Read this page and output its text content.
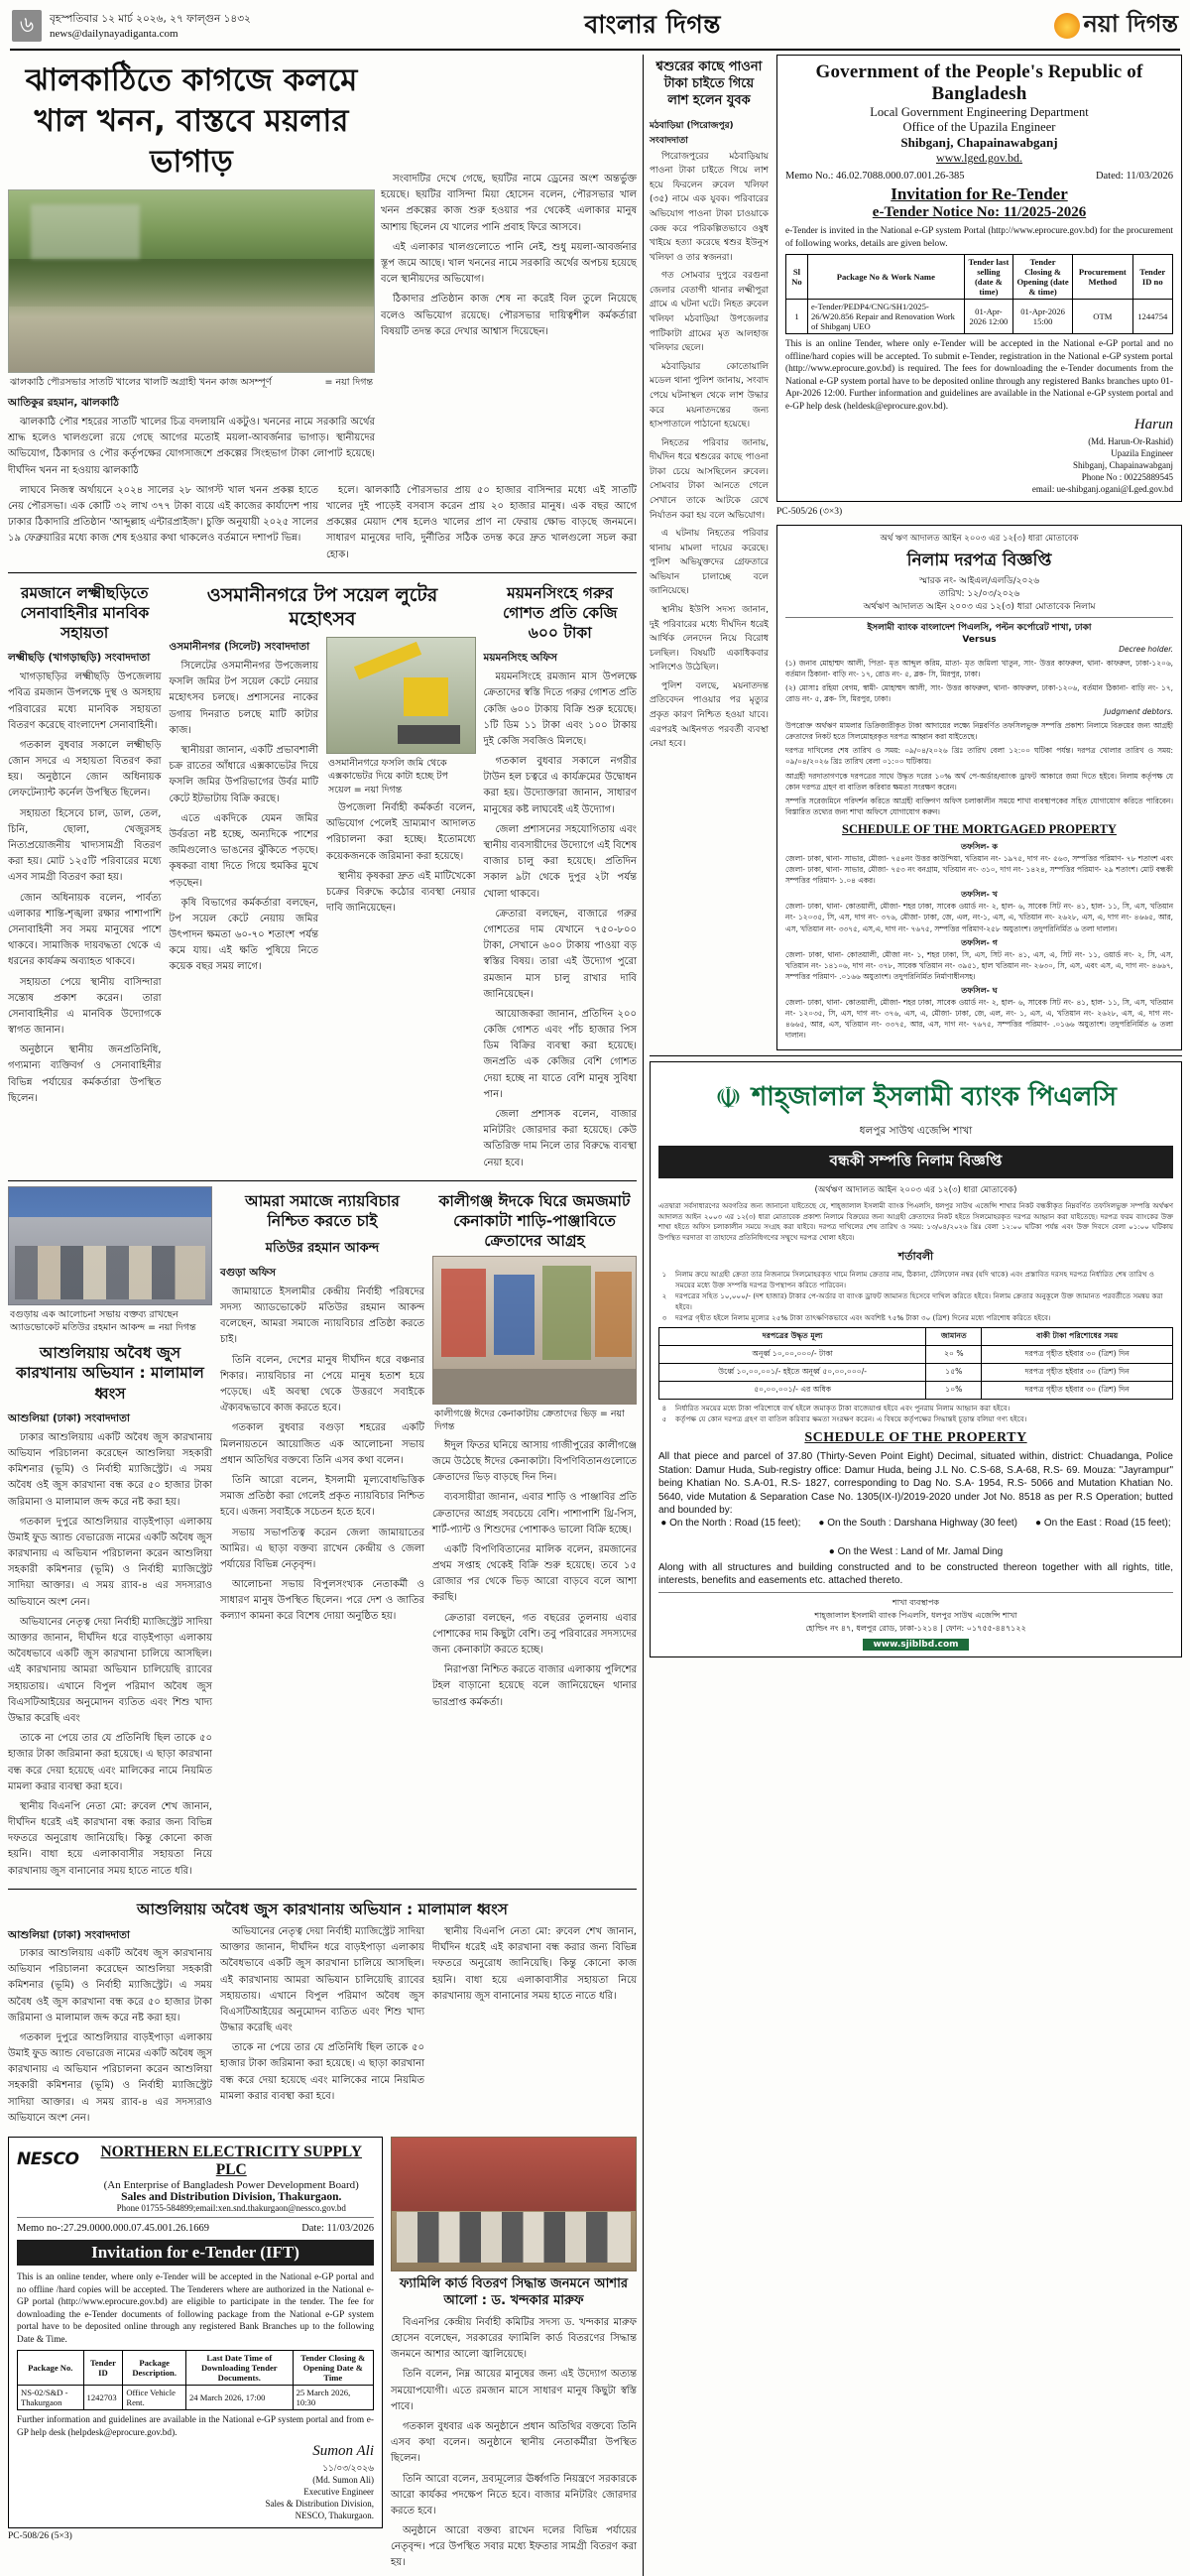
৬	বৃহস্পতিবার ১২ মার্চ ২০২৬, ২৭ ফাল্গুন ১৪৩২
news@dailynayadiganta.com	বাংলার দিগন্ত	নয়া দিগন্ত
ঝালকাঠিতে কাগজে কলমে খাল খনন, বাস্তবে ময়লার ভাগাড়
= নয়া দিগন্ত
ঝালকাঠি পৌরসভার সাতটি খালের খালটি অগ্রাহী খনন কাজ অসম্পূর্ণ
আতিকুর রহমান, ঝালকাঠি

ঝালকাঠি পৌর শহরের সাতটি খালের চিত্র বদলায়নি একটুও। খননের নামে সরকারি অর্থের শ্রাদ্ধ হলেও খালগুলো রয়ে গেছে আগের মতোই ময়লা-আবর্জনার ভাগাড়। স্থানীয়দের অভিযোগ, ঠিকাদার ও পৌর কর্তৃপক্ষের যোগসাজশে প্রকল্পের সিংহভাগ টাকা লোপাট হয়েছে। দীর্ঘদিন খনন না হওয়ায় ঝালকাঠি

সংবাদটির দেখে গেছে, ছয়টির নামে ড্রেনের অংশ অন্তর্ভুক্ত হয়েছে। ছয়টির বাসিন্দা মিয়া হোসেন বলেন, পৌরসভার খাল খনন প্রকল্পের কাজ শুরু হওয়ার পর থেকেই এলাকার মানুষ আশায় ছিলেন যে খালের পানি প্রবাহ ফিরে আসবে।

এই এলাকার খালগুলোতে পানি নেই, শুধু ময়লা-আবর্জনার স্তূপ জমে আছে। খাল খননের নামে সরকারি অর্থের অপচয় হয়েছে বলে স্থানীয়দের অভিযোগ।

ঠিকাদার প্রতিষ্ঠান কাজ শেষ না করেই বিল তুলে নিয়েছে বলেও অভিযোগ রয়েছে। পৌরসভার দায়িত্বশীল কর্মকর্তারা বিষয়টি তদন্ত করে দেখার আশ্বাস দিয়েছেন।

লাঘবে নিজস্ব অর্থায়নে ২০২৪ সালের ২৮ আগস্ট খাল খনন প্রকল্প হাতে নেয় পৌরসভা। এক কোটি ৩২ লাখ ৩৭৭ টাকা ব্যয়ে এই কাজের কার্যাদেশ পায় ঢাকার ঠিকাদারি প্রতিষ্ঠান 'আব্দুল্লাহ এন্টারপ্রাইজ'। চুক্তি অনুযায়ী ২০২৫ সালের ১৯ ফেব্রুয়ারির মধ্যে কাজ শেষ হওয়ার কথা থাকলেও বর্তমানে দশাপট ভিন্ন।

হলে। ঝালকাঠি পৌরসভার প্রায় ৫০ হাজার বাসিন্দার মধ্যে এই সাতটি খালের দুই পাড়েই বসবাস করেন প্রায় ২০ হাজার মানুষ। এক বছর আগে প্রকল্পের মেয়াদ শেষ হলেও খালের প্রাণ না ফেরায় ক্ষোভ বাড়ছে জনমনে। সাধারণ মানুষের দাবি, দুর্নীতির সঠিক তদন্ত করে দ্রুত খালগুলো সচল করা হোক।

রমজানে লক্ষ্মীছড়িতে সেনাবাহিনীর মানবিক সহায়তা
লক্ষ্মীছড়ি (খাগড়াছড়ি) সংবাদদাতা

খাগড়াছড়ির লক্ষ্মীছড়ি উপজেলায় পবিত্র রমজান উপলক্ষে দুস্থ ও অসহায় পরিবারের মধ্যে মানবিক সহায়তা বিতরণ করেছে বাংলাদেশ সেনাবাহিনী।

গতকাল বুধবার সকালে লক্ষ্মীছড়ি জোন সদরে এ সহায়তা বিতরণ করা হয়। অনুষ্ঠানে জোন অধিনায়ক লেফটেন্যান্ট কর্নেল উপস্থিত ছিলেন।

সহায়তা হিসেবে চাল, ডাল, তেল, চিনি, ছোলা, খেজুরসহ নিত্যপ্রয়োজনীয় খাদ্যসামগ্রী বিতরণ করা হয়। মোট ১২৫টি পরিবারের মধ্যে এসব সামগ্রী বিতরণ করা হয়।

জোন অধিনায়ক বলেন, পার্বত্য এলাকার শান্তি-শৃঙ্খলা রক্ষার পাশাপাশি সেনাবাহিনী সব সময় মানুষের পাশে থাকবে। সামাজিক দায়বদ্ধতা থেকে এ ধরনের কার্যক্রম অব্যাহত থাকবে।

সহায়তা পেয়ে স্থানীয় বাসিন্দারা সন্তোষ প্রকাশ করেন। তারা সেনাবাহিনীর এ মানবিক উদ্যোগকে স্বাগত জানান।

অনুষ্ঠানে স্থানীয় জনপ্রতিনিধি, গণ্যমান্য ব্যক্তিবর্গ ও সেনাবাহিনীর বিভিন্ন পর্যায়ের কর্মকর্তারা উপস্থিত ছিলেন।

ওসমানীনগরে টপ সয়েল লুটের মহোৎসব
ওসমানীনগর (সিলেট) সংবাদদাতা

সিলেটের ওসমানীনগর উপজেলায় ফসলি জমির টপ সয়েল কেটে নেয়ার মহোৎসব চলছে। প্রশাসনের নাকের ডগায় দিনরাত চলছে মাটি কাটার কাজ।

স্থানীয়রা জানান, একটি প্রভাবশালী চক্র রাতের আঁধারে এক্সকাভেটর দিয়ে ফসলি জমির উপরিভাগের উর্বর মাটি কেটে ইটভাটায় বিক্রি করছে।

এতে একদিকে যেমন জমির উর্বরতা নষ্ট হচ্ছে, অন্যদিকে পাশের জমিগুলোও ভাঙনের ঝুঁকিতে পড়ছে। কৃষকরা বাধা দিতে গিয়ে হুমকির মুখে পড়ছেন।

কৃষি বিভাগের কর্মকর্তারা বলছেন, টপ সয়েল কেটে নেয়ায় জমির উৎপাদন ক্ষমতা ৬০-৭০ শতাংশ পর্যন্ত কমে যায়। এই ক্ষতি পুষিয়ে নিতে কয়েক বছর সময় লাগে।

ওসমানীনগরে ফসলি জমি থেকে এক্সকাভেটর দিয়ে কাটা হচ্ছে টপ সয়েল = নয়া দিগন্ত

উপজেলা নির্বাহী কর্মকর্তা বলেন, অভিযোগ পেলেই ভ্রাম্যমাণ আদালত পরিচালনা করা হচ্ছে। ইতোমধ্যে কয়েকজনকে জরিমানা করা হয়েছে।

স্থানীয় কৃষকরা দ্রুত এই মাটিখেকো চক্রের বিরুদ্ধে কঠোর ব্যবস্থা নেয়ার দাবি জানিয়েছেন।

ময়মনসিংহে গরুর গোশত প্রতি কেজি ৬০০ টাকা
ময়মনসিংহ অফিস

ময়মনসিংহে রমজান মাস উপলক্ষে ক্রেতাদের স্বস্তি দিতে গরুর গোশত প্রতি কেজি ৬০০ টাকায় বিক্রি শুরু হয়েছে। ১টি ডিম ১১ টাকা এবং ১০০ টাকায় দুই কেজি সবজিও মিলছে।

গতকাল বুধবার সকালে নগরীর টাউন হল চত্বরে এ কার্যক্রমের উদ্বোধন করা হয়। উদ্যোক্তারা জানান, সাধারণ মানুষের কষ্ট লাঘবেই এই উদ্যোগ।

জেলা প্রশাসনের সহযোগিতায় এবং স্থানীয় ব্যবসায়ীদের উদ্যোগে এই বিশেষ বাজার চালু করা হয়েছে। প্রতিদিন সকাল ৯টা থেকে দুপুর ২টা পর্যন্ত খোলা থাকবে।

ক্রেতারা বলছেন, বাজারে গরুর গোশতের দাম যেখানে ৭৫০-৮০০ টাকা, সেখানে ৬০০ টাকায় পাওয়া বড় স্বস্তির বিষয়। তারা এই উদ্যোগ পুরো রমজান মাস চালু রাখার দাবি জানিয়েছেন।

আয়োজকরা জানান, প্রতিদিন ২০০ কেজি গোশত এবং পাঁচ হাজার পিস ডিম বিক্রির ব্যবস্থা করা হয়েছে। জনপ্রতি এক কেজির বেশি গোশত দেয়া হচ্ছে না যাতে বেশি মানুষ সুবিধা পান।

জেলা প্রশাসক বলেন, বাজার মনিটরিং জোরদার করা হয়েছে। কেউ অতিরিক্ত দাম নিলে তার বিরুদ্ধে ব্যবস্থা নেয়া হবে।

বগুড়ায় এক আলোচনা সভায় বক্তব্য রাখছেন অ্যাডভোকেট মতিউর রহমান আকন্দ = নয়া দিগন্ত
আশুলিয়ায় অবৈধ জুস কারখানায় অভিযান : মালামাল ধ্বংস
আশুলিয়া (ঢাকা) সংবাদদাতা

ঢাকার আশুলিয়ায় একটি অবৈধ জুস কারখানায় অভিযান পরিচালনা করেছেন আশুলিয়া সহকারী কমিশনার (ভূমি) ও নির্বাহী ম্যাজিস্ট্রেট। এ সময় অবৈধ ওই জুস কারখানা বন্ধ করে ৫০ হাজার টাকা জরিমানা ও মালামাল জব্দ করে নষ্ট করা হয়।

গতকাল দুপুরে আশুলিয়ার বাড়ইপাড়া এলাকায় উমাই ফুড অ্যান্ড বেভারেজ নামের একটি অবৈধ জুস কারখানায় এ অভিযান পরিচালনা করেন আশুলিয়া সহকারী কমিশনার (ভূমি) ও নির্বাহী ম্যাজিস্ট্রেট সাদিয়া আক্তার। এ সময় র‍্যাব-৪ এর সদস্যরাও অভিযানে অংশ নেন।

অভিযানের নেতৃত্ব দেয়া নির্বাহী ম্যাজিস্ট্রেট সাদিয়া আক্তার জানান, দীর্ঘদিন ধরে বাড়ইপাড়া এলাকায় অবৈধভাবে একটি জুস কারখানা চালিয়ে আসছিল। এই কারখানায় আমরা অভিযান চালিয়েছি র‍্যাবের সহায়তায়। এখানে বিপুল পরিমাণ অবৈধ জুস বিএসটিআইয়ের অনুমোদন ব্যতিত এবং শিশু খাদ্য উদ্ধার করেছি এবং

তাকে না পেয়ে তার যে প্রতিনিধি ছিল তাকে ৫০ হাজার টাকা জরিমানা করা হয়েছে। এ ছাড়া কারখানা বন্ধ করে দেয়া হয়েছে এবং মালিকের নামে নিয়মিত মামলা করার ব্যবস্থা করা হবে।

স্থানীয় বিএনপি নেতা মো: রুবেল শেখ জানান, দীর্ঘদিন ধরেই এই কারখানা বন্ধ করার জন্য বিভিন্ন দফতরে অনুরোধ জানিয়েছি। কিন্তু কোনো কাজ হয়নি। বাধা হয়ে এলাকাবাসীর সহায়তা নিয়ে কারখানায় জুস বানানোর সময় হাতে নাতে ধরি।

আমরা সমাজে ন্যায়বিচার নিশ্চিত করতে চাই
মতিউর রহমান আকন্দ
বগুড়া অফিস

জামায়াতে ইসলামীর কেন্দ্রীয় নির্বাহী পরিষদের সদস্য অ্যাডভোকেট মতিউর রহমান আকন্দ বলেছেন, আমরা সমাজে ন্যায়বিচার প্রতিষ্ঠা করতে চাই।

তিনি বলেন, দেশের মানুষ দীর্ঘদিন ধরে বঞ্চনার শিকার। ন্যায়বিচার না পেয়ে মানুষ হতাশ হয়ে পড়েছে। এই অবস্থা থেকে উত্তরণে সবাইকে ঐক্যবদ্ধভাবে কাজ করতে হবে।

গতকাল বুধবার বগুড়া শহরের একটি মিলনায়তনে আয়োজিত এক আলোচনা সভায় প্রধান অতিথির বক্তব্যে তিনি এসব কথা বলেন।

তিনি আরো বলেন, ইসলামী মূল্যবোধভিত্তিক সমাজ প্রতিষ্ঠা করা গেলেই প্রকৃত ন্যায়বিচার নিশ্চিত হবে। এজন্য সবাইকে সচেতন হতে হবে।

সভায় সভাপতিত্ব করেন জেলা জামায়াতের আমির। এ ছাড়া বক্তব্য রাখেন কেন্দ্রীয় ও জেলা পর্যায়ের বিভিন্ন নেতৃবৃন্দ।

আলোচনা সভায় বিপুলসংখ্যক নেতাকর্মী ও সাধারণ মানুষ উপস্থিত ছিলেন। পরে দেশ ও জাতির কল্যাণ কামনা করে বিশেষ দোয়া অনুষ্ঠিত হয়।

কালীগঞ্জ ঈদকে ঘিরে জমজমাট কেনাকাটা শাড়ি-পাঞ্জাবিতে ক্রেতাদের আগ্রহ
কালীগঞ্জে ঈদের কেনাকাটায় ক্রেতাদের ভিড় = নয়া দিগন্ত

ঈদুল ফিতর ঘনিয়ে আসায় গাজীপুরের কালীগঞ্জে জমে উঠেছে ঈদের কেনাকাটা। বিপণিবিতানগুলোতে ক্রেতাদের ভিড় বাড়ছে দিন দিন।

ব্যবসায়ীরা জানান, এবার শাড়ি ও পাঞ্জাবির প্রতি ক্রেতাদের আগ্রহ সবচেয়ে বেশি। পাশাপাশি থ্রি-পিস, শার্ট-প্যান্ট ও শিশুদের পোশাকও ভালো বিক্রি হচ্ছে।

একটি বিপণিবিতানের মালিক বলেন, রমজানের প্রথম সপ্তাহ থেকেই বিক্রি শুরু হয়েছে। তবে ১৫ রোজার পর থেকে ভিড় আরো বাড়বে বলে আশা করছি।

ক্রেতারা বলছেন, গত বছরের তুলনায় এবার পোশাকের দাম কিছুটা বেশি। তবু পরিবারের সদস্যদের জন্য কেনাকাটা করতে হচ্ছে।

নিরাপত্তা নিশ্চিত করতে বাজার এলাকায় পুলিশের টহল বাড়ানো হয়েছে বলে জানিয়েছেন থানার ভারপ্রাপ্ত কর্মকর্তা।

আশুলিয়ায় অবৈধ জুস কারখানায় অভিযান : মালামাল ধ্বংস
আশুলিয়া (ঢাকা) সংবাদদাতা

ঢাকার আশুলিয়ায় একটি অবৈধ জুস কারখানায় অভিযান পরিচালনা করেছেন আশুলিয়া সহকারী কমিশনার (ভূমি) ও নির্বাহী ম্যাজিস্ট্রেট। এ সময় অবৈধ ওই জুস কারখানা বন্ধ করে ৫০ হাজার টাকা জরিমানা ও মালামাল জব্দ করে নষ্ট করা হয়।

গতকাল দুপুরে আশুলিয়ার বাড়ইপাড়া এলাকায় উমাই ফুড অ্যান্ড বেভারেজ নামের একটি অবৈধ জুস কারখানায় এ অভিযান পরিচালনা করেন আশুলিয়া সহকারী কমিশনার (ভূমি) ও নির্বাহী ম্যাজিস্ট্রেট সাদিয়া আক্তার। এ সময় র‍্যাব-৪ এর সদস্যরাও অভিযানে অংশ নেন।

অভিযানের নেতৃত্ব দেয়া নির্বাহী ম্যাজিস্ট্রেট সাদিয়া আক্তার জানান, দীর্ঘদিন ধরে বাড়ইপাড়া এলাকায় অবৈধভাবে একটি জুস কারখানা চালিয়ে আসছিল। এই কারখানায় আমরা অভিযান চালিয়েছি র‍্যাবের সহায়তায়। এখানে বিপুল পরিমাণ অবৈধ জুস বিএসটিআইয়ের অনুমোদন ব্যতিত এবং শিশু খাদ্য উদ্ধার করেছি এবং

তাকে না পেয়ে তার যে প্রতিনিধি ছিল তাকে ৫০ হাজার টাকা জরিমানা করা হয়েছে। এ ছাড়া কারখানা বন্ধ করে দেয়া হয়েছে এবং মালিকের নামে নিয়মিত মামলা করার ব্যবস্থা করা হবে।

স্থানীয় বিএনপি নেতা মো: রুবেল শেখ জানান, দীর্ঘদিন ধরেই এই কারখানা বন্ধ করার জন্য বিভিন্ন দফতরে অনুরোধ জানিয়েছি। কিন্তু কোনো কাজ হয়নি। বাধা হয়ে এলাকাবাসীর সহায়তা নিয়ে কারখানায় জুস বানানোর সময় হাতে নাতে ধরি।

NESCO	NORTHERN ELECTRICITY SUPPLY PLC
(An Enterprise of Bangladesh Power Development Board)
Sales and Distribution Division, Thakurgaon.
Phone 01755-584899;email:xen.snd.thakurgaon@nessco.gov.bd
Memo no-:27.29.0000.000.07.45.001.26.1669	Date: 11/03/2026
Invitation for e-Tender (IFT)
This is an online tender, where only e-Tender will be accepted in the National e-GP portal and no offline /hard copies will be accepted. The Tenderers where are authorized in the National e-GP portal (http://www.eprocure.gov.bd) are eligible to participate in the tender. The fee for downloading the e-Tender documents of following package from the National e-GP system portal have to be deposited online through any registered Bank Branches up to the following Date & Time.
Package No.	Tender ID	Package Description.	Last Date Time of Downloading Tender Documents.	Tender Closing & Opening Date & Time
NS-02/S&D - Thakurgaon	1242703	Office Vehicle Rent.	24 March 2026, 17:00	25 March 2026, 10:30
Further information and guidelines are available in the National e-GP system portal and from e-GP help desk (helpdesk@eprocure.gov.bd).
Sumon Ali
১১/০৩/২০২৬
(Md. Sumon Ali)
Executive Engineer
Sales & Distribution Division,
NESCO, Thakurgaon.
PC-508/26 (5×3)
ফ্যামিলি কার্ড বিতরণ সিদ্ধান্ত জনমনে আশার আলো : ড. খন্দকার মারুফ

বিএনপির কেন্দ্রীয় নির্বাহী কমিটির সদস্য ড. খন্দকার মারুফ হোসেন বলেছেন, সরকারের ফ্যামিলি কার্ড বিতরণের সিদ্ধান্ত জনমনে আশার আলো জ্বালিয়েছে।

তিনি বলেন, নিম্ন আয়ের মানুষের জন্য এই উদ্যোগ অত্যন্ত সময়োপযোগী। এতে রমজান মাসে সাধারণ মানুষ কিছুটা স্বস্তি পাবে।

গতকাল বুধবার এক অনুষ্ঠানে প্রধান অতিথির বক্তব্যে তিনি এসব কথা বলেন। অনুষ্ঠানে স্থানীয় নেতাকর্মীরা উপস্থিত ছিলেন।

তিনি আরো বলেন, দ্রব্যমূল্যের ঊর্ধ্বগতি নিয়ন্ত্রণে সরকারকে আরো কার্যকর পদক্ষেপ নিতে হবে। বাজার মনিটরিং জোরদার করতে হবে।

অনুষ্ঠানে আরো বক্তব্য রাখেন দলের বিভিন্ন পর্যায়ের নেতৃবৃন্দ। পরে উপস্থিত সবার মধ্যে ইফতার সামগ্রী বিতরণ করা হয়।

শ্বশুরের কাছে পাওনা টাকা চাইতে গিয়ে লাশ হলেন যুবক
মঠবাড়িয়া (পিরোজপুর) সংবাদদাতা

পিরোজপুরের মঠবাড়িয়ায় পাওনা টাকা চাইতে গিয়ে লাশ হয়ে ফিরলেন রুবেল খলিফা (৩৫) নামে এক যুবক। পরিবারের অভিযোগ পাওনা টাকা চাওয়াকে কেন্দ্র করে পরিকল্পিতভাবে ওষুধ খাইয়ে হত্যা করেছে শ্বশুর ইউনুস খলিফা ও তার স্বজনরা।

গত সোমবার দুপুরে বরগুনা জেলার বেতাগী থানার লক্ষ্মীপুরা গ্রামে এ ঘটনা ঘটে। নিহত রুবেল খলিফা মঠবাড়িয়া উপজেলার পাটিকাটা গ্রামের মৃত আলহাজ খলিফার ছেলে।

মঠবাড়িয়ার কোতোয়ালি মডেল থানা পুলিশ জানায়, সংবাদ পেয়ে ঘটনাস্থল থেকে লাশ উদ্ধার করে ময়নাতদন্তের জন্য হাসপাতালে পাঠানো হয়েছে।

নিহতের পরিবার জানায়, দীর্ঘদিন ধরে শ্বশুরের কাছে পাওনা টাকা চেয়ে আসছিলেন রুবেল। সোমবার টাকা আনতে গেলে সেখানে তাকে আটকে রেখে নির্যাতন করা হয় বলে অভিযোগ।

এ ঘটনায় নিহতের পরিবার থানায় মামলা দায়ের করেছে। পুলিশ অভিযুক্তদের গ্রেফতারে অভিযান চালাচ্ছে বলে জানিয়েছে।

স্থানীয় ইউপি সদস্য জানান, দুই পরিবারের মধ্যে দীর্ঘদিন ধরেই আর্থিক লেনদেন নিয়ে বিরোধ চলছিল। বিষয়টি একাধিকবার সালিশেও উঠেছিল।

পুলিশ বলছে, ময়নাতদন্ত প্রতিবেদন পাওয়ার পর মৃত্যুর প্রকৃত কারণ নিশ্চিত হওয়া যাবে। এরপরই আইনগত পরবর্তী ব্যবস্থা নেয়া হবে।

Government of the People's Republic of Bangladesh
Local Government Engineering Department
Office of the Upazila Engineer
Shibganj, Chapainawabganj
www.lged.gov.bd.
Memo No.: 46.02.7088.000.07.001.26-385	Dated: 11/03/2026
Invitation for Re-Tender
e-Tender Notice No: 11/2025-2026
e-Tender is invited in the National e-GP system Portal (http://www.eprocure.gov.bd) for the procurement of following works, details are given below.
Sl No	Package No & Work Name	Tender last selling (date & time)	Tender Closing & Opening (date & time)	Procurement Method	Tender ID no
1	e-Tender/PEDP4/CNG/SH1/2025-26/W20.856 Repair and Renovation Work of Shibganj UEO	01-Apr-2026 12:00	01-Apr-2026 15:00	OTM	1244754
This is an online Tender, where only e-Tender will be accepted in the National e-GP portal and no offline/hard copies will be accepted. To submit e-Tender, registration in the National e-GP system portal (http://www.eprocure.gov.bd) is required. The fees for downloading the e-Tender documents from the National e-GP system portal have to be deposited online through any registered Banks branches upto 01-Apr-2026 12:00. Further information and guidelines are available in the National e-GP system portal and e-GP help desk (heldesk@eprocure.gov.bd).
Harun
(Md. Harun-Or-Rashid)
Upazila Engineer
Shibganj, Chapainawabganj
Phone No : 00225889545
email: ue-shibganj.ogani@Lged.gov.bd
PC-505/26 (৩×3)
অর্থ ঋণ আদালত আইন ২০০৩ এর ১২(৩) ধারা মোতাবেক
নিলাম দরপত্র বিজ্ঞপ্তি
স্মারক নং- আইএল/এলডি/২০২৬
তারিখ: ১২/০৩/২০২৬
অর্থঋণ আদালত আইন ২০০৩ এর ১২(৩) ধারা মোতাবেক নিলাম
ইসলামী ব্যাংক বাংলাদেশ পিএলসি, পল্টন কর্পোরেট শাখা, ঢাকা
Versus
Decree holder.

(১) জনাব মোহাম্মদ আলী, পিতা- মৃত আব্দুল করিম, মাতা- মৃত জমিলা খাতুন, সাং- উত্তর কাফরুল, থানা- কাফরুল, ঢাকা-১২০৬, বর্তমান ঠিকানা- বাড়ি নং- ১৭, রোড নং- ৫, ব্লক- সি, মিরপুর, ঢাকা।

(২) মোসাঃ রহিমা বেগম, স্বামী- মোহাম্মদ আলী, সাং- উত্তর কাফরুল, থানা- কাফরুল, ঢাকা-১২০৬, বর্তমান ঠিকানা- বাড়ি নং- ১৭, রোড নং- ৫, ব্লক- সি, মিরপুর, ঢাকা।

Judgment debtors.

উপরোক্ত অর্থঋণ মামলার ডিক্রিজারীকৃত টাকা আদায়ের লক্ষ্যে নিম্নবর্ণিত তফসিলভুক্ত সম্পত্তি প্রকাশ্য নিলামে বিক্রয়ের জন্য আগ্রহী ক্রেতাদের নিকট হতে সিলমোহরকৃত দরপত্র আহ্বান করা যাইতেছে।

দরপত্র দাখিলের শেষ তারিখ ও সময়: ০৯/০৪/২০২৬ খ্রিঃ তারিখ বেলা ১২:০০ ঘটিকা পর্যন্ত। দরপত্র খোলার তারিখ ও সময়: ০৯/০৪/২০২৬ খ্রিঃ তারিখ বেলা ০১:০০ ঘটিকায়।

আগ্রহী দরদাতাগণকে দরপত্রের সাথে উদ্ধৃত দরের ১০% অর্থ পে-অর্ডার/ব্যাংক ড্রাফট আকারে জমা দিতে হইবে। নিলাম কর্তৃপক্ষ যে কোন দরপত্র গ্রহণ বা বাতিল করিবার ক্ষমতা সংরক্ষণ করেন।

সম্পত্তি সরেজমিনে পরিদর্শন করিতে আগ্রহী ব্যক্তিগণ অফিস চলাকালীন সময়ে শাখা ব্যবস্থাপকের সহিত যোগাযোগ করিতে পারিবেন। বিস্তারিত তথ্যের জন্য শাখা অফিসে যোগাযোগ করুন।

SCHEDULE OF THE MORTGAGED PROPERTY
তফসিল- ক

জেলা- ঢাকা, থানা- সাভার, মৌজা- ৭৫৪নং উত্তর কাউন্দিয়া, খতিয়ান নং- ১৯৭৫, দাগ নং- ৫৬৩, সম্পত্তির পরিমাণ- ৭৮ শতাংশ এবং জেলা- ঢাকা, থানা- সাভার, মৌজা- ৭৫৩ নং বনগ্রাম, খতিয়ান নং- ৩১০, দাগ নং- ১৪২৪, সম্পত্তির পরিমাণ- ২৯ শতাংশ। মোট বন্ধকী সম্পত্তির পরিমাণ- ১.০৪ একর।

তফসিল- খ

জেলা- ঢাকা, থানা- কোতয়ালী, মৌজা- শহর ঢাকা, সাবেক ওয়ার্ড নং- ২, হাল- ৬, সাবেক সিট নং- ৪১, হাল- ১১, সি, এস, খতিয়ান নং- ১২০৩৫, সি, এস, দাগ নং- ৩৭৬, মৌজা- ঢাকা, জে, এল, নং-১, এস, এ, খতিয়ান নং- ২৬২৮, এস, এ, দাগ নং- ৪৬৬৫, আর, এস, খতিয়ান নং- ৩৩৭৫, এস,এ, দাগ নং- ৭৬৭৫, সম্পত্তির পরিমাণ-২৫৮ অযুতাংশ। তদুপরিনির্মিত ৬ তলা দালান।

তফসিল- গ

জেলা- ঢাকা, থানা- কোতয়ালী, মৌজা নং- ১, শহর ঢাকা, সি, এস, সিট নং- ৪১, এস, এ, সিট নং- ১১, ওয়ার্ড নং- ২, সি, এস, খতিয়ান নং- ১৪১০৬, দাগ নং- ৩৭৮, সাবেক খতিয়ান নং- ৩৯৫১, হাল খতিয়ান নং- ২৬৩০, সি, এস, এবং এস, এ, দাগ নং- ৪৬৬৭, সম্পত্তির পরিমাণ- .০১৬৬ অযুতাংশ। তদুপরিনির্মিত নির্মাণাধীনসহ।

তফসিল- ঘ

জেলা- ঢাকা, থানা- কোতয়ালী, মৌজা- শহর ঢাকা, সাবেক ওয়ার্ড নং- ২, হাল- ৬, সাবেক সিট নং- ৪১, হাল- ১১, সি, এস, খতিয়ান নং- ১২০৩৫, সি, এস, দাগ নং- ৩৭৬, এস, এ, মৌজা- ঢাকা, জে, এল, নং- ১, এস, এ, খতিয়ান নং- ২৬২৮, এস, এ, দাগ নং- ৪৬৬৫, আর, এস, খতিয়ান নং- ৩৩৭৫, আর, এস, দাগ নং- ৭৬৭৫, সম্পত্তির পরিমাণ- .০১৬৬ অযুতাংশ। তদুপরিনির্মিত ৬ তলা দালান।

☫ শাহ্‌জালাল ইসলামী ব্যাংক পিএলসি
ধলপুর সাউথ এজেন্সি শাখা
বন্ধকী সম্পত্তি নিলাম বিজ্ঞপ্তি
(অর্থঋণ আদালত আইন ২০০৩ এর ১২(৩) ধারা মোতাবেক)
এতদ্বারা সর্বসাধারণের অবগতির জন্য জানানো যাইতেছে যে, শাহ্‌জালাল ইসলামী ব্যাংক পিএলসি, ধলপুর সাউথ এজেন্সি শাখার নিকট বন্ধকীকৃত নিম্নবর্ণিত তফসিলভুক্ত সম্পত্তি অর্থঋণ আদালত আইন ২০০৩ এর ১২(৩) ধারা মোতাবেক প্রকাশ্য নিলামে বিক্রয়ের জন্য আগ্রহী ক্রেতাদের নিকট হইতে সিলমোহরকৃত দরপত্র আহ্বান করা যাইতেছে। দরপত্র ফরম ব্যাংকের উক্ত শাখা হইতে অফিস চলাকালীন সময়ে সংগ্রহ করা যাইবে। দরপত্র দাখিলের শেষ তারিখ ও সময়: ১৩/০৪/২০২৬ খ্রিঃ বেলা ১২:০০ ঘটিকা পর্যন্ত এবং উক্ত দিবসে বেলা ০১:০০ ঘটিকায় উপস্থিত দরদাতা বা তাহাদের প্রতিনিধিগণের সম্মুখে দরপত্র খোলা হইবে।
শর্তাবলী
১	নিলাম ক্রয়ে আগ্রহী ক্রেতা তার নিজনামে সিলমোহরকৃত খামে নিলাম ক্রেতার নাম, ঠিকানা, টেলিফোন নম্বর (যদি থাকে) এবং প্রস্তাবিত দরসহ দরপত্র নির্ধারিত শেষ তারিখ ও সময়ের মধ্যে উক্ত সম্পত্তি দরপত্র উপস্থাপন করিতে পারিবেন।
২	দরপত্রের সহিত ১০,০০০/- (দশ হাজার) টাকার পে-অর্ডার বা ব্যাংক ড্রাফট জামানত হিসেবে দাখিল করিতে হইবে। নিলাম ক্রেতার অনুকূলে উক্ত জামানত পরবর্তীতে সমন্বয় করা হইবে।
৩	দরপত্র গৃহীত হইলে নিলাম মূল্যের ২৫% টাকা তাৎক্ষণিকভাবে এবং অবশিষ্ট ৭৫% টাকা ৩০ (ত্রিশ) দিনের মধ্যে পরিশোধ করিতে হইবে।
দরপত্রের উদ্ধৃত মূল্য	জামানত	বাকী টাকা পরিশোধের সময়
অনূর্ধ্ব ১০,০০,০০০/- টাকা	২০ %	দরপত্র গৃহীত হইবার ৩০ (ত্রিশ) দিন
উর্ধ্বে ১০,০০,০০১/- হইতে অনূর্ধ্ব ৫০,০০,০০০/-	১৫%	দরপত্র গৃহীত হইবার ৩০ (ত্রিশ) দিন
৫০,০০,০০১/- এর অধিক	১০%	দরপত্র গৃহীত হইবার ৩০ (ত্রিশ) দিন
৪	নির্ধারিত সময়ের মধ্যে টাকা পরিশোধে ব্যর্থ হইলে জমাকৃত টাকা বাজেয়াপ্ত হইবে এবং পুনরায় নিলাম আহ্বান করা হইবে।
৫	কর্তৃপক্ষ যে কোন দরপত্র গ্রহণ বা বাতিল করিবার ক্ষমতা সংরক্ষণ করেন। এ বিষয়ে কর্তৃপক্ষের সিদ্ধান্তই চূড়ান্ত বলিয়া গণ্য হইবে।
SCHEDULE OF THE PROPERTY
All that piece and parcel of 37.80 (Thirty-Seven Point Eight) Decimal, situated within, district: Chuadanga, Police Station: Damur Huda, Sub-registry office: Damur Huda, being J.L No. C.S-68, S.A-68, R.S- 69. Mouza: "Jayrampur" being Khatian No. S.A-01, R.S- 1827, corresponding to Dag No. S.A- 1954, R.S- 5066 and Mutation Khatian No. 5640, vide Mutation & Separation Case No. 1305(IX-I)/2019-2020 under Jot No. 8518 as per R.S Operation; butted and bounded by:
● On the North : Road (15 feet); ● On the South : Darshana Highway (30 feet) ● On the East : Road (15 feet);
● On the West : Land of Mr. Jamal Ding
Along with all structures and building constructed and to be constructed thereon together with all rights, title, interests, benefits and easements etc. attached thereto.
শাখা ব্যবস্থাপক
শাহ্‌জালাল ইসলামী ব্যাংক পিএলসি, ধলপুর সাউথ এজেন্সি শাখা
হোল্ডিং নং ৪৭, ধলপুর রোড, ঢাকা-১২১৪ | ফোন: ০১৭৫৫-৪৪৭১২২
www.sjiblbd.com
